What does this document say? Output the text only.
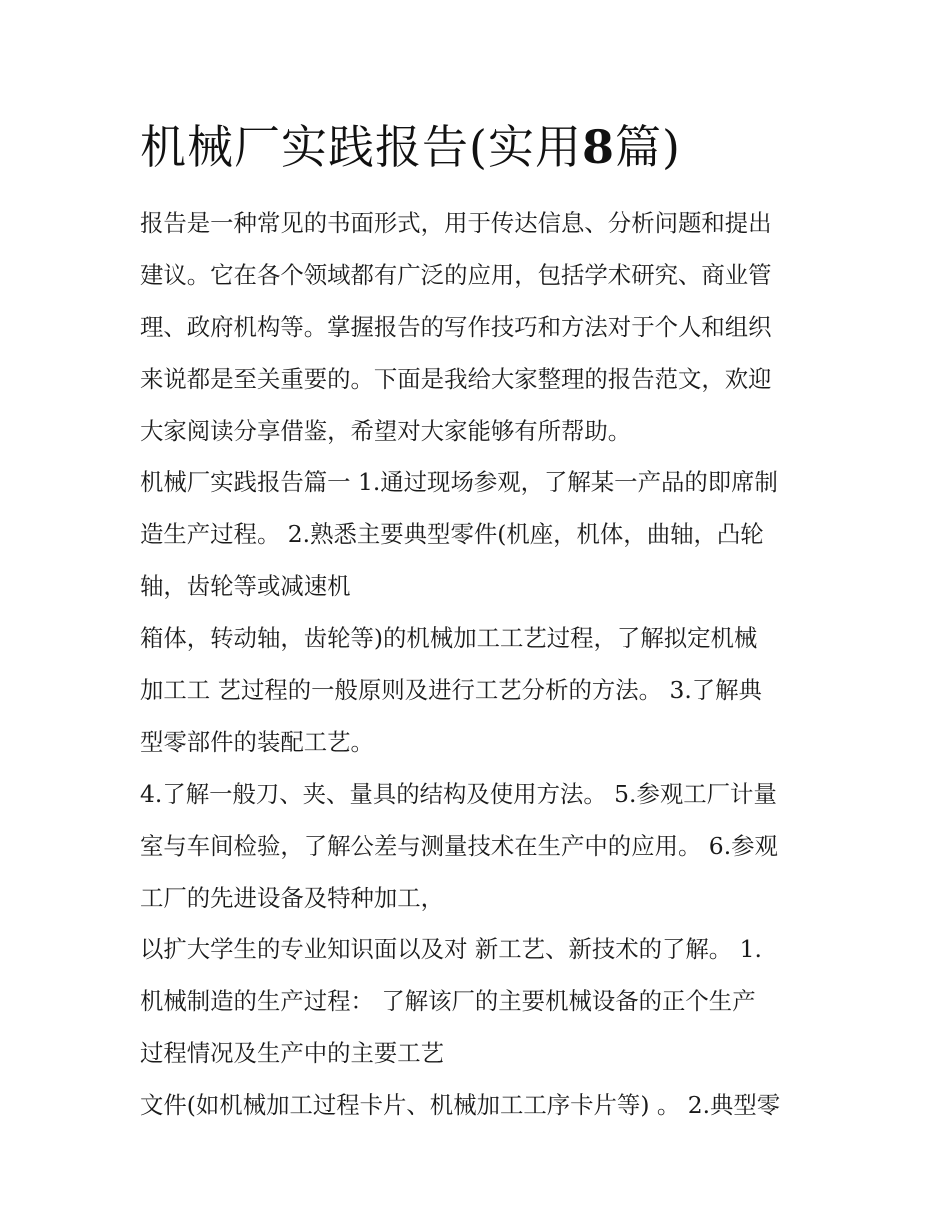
机械厂实践报告(实用8篇)
报告是一种常见的书面形式，用于传达信息、分析问题和提出
建议。它在各个领域都有广泛的应用，包括学术研究、商业管
理、政府机构等。掌握报告的写作技巧和方法对于个人和组织
来说都是至关重要的。下面是我给大家整理的报告范文，欢迎
大家阅读分享借鉴，希望对大家能够有所帮助。
机械厂实践报告篇一 1.通过现场参观，了解某一产品的即席制
造生产过程。 2.熟悉主要典型零件(机座，机体，曲轴，凸轮
轴，齿轮等或减速机
箱体，转动轴，齿轮等)的机械加工工艺过程，了解拟定机械
加工工 艺过程的一般原则及进行工艺分析的方法。 3.了解典
型零部件的装配工艺。
4.了解一般刀、夹、量具的结构及使用方法。 5.参观工厂计量
室与车间检验，了解公差与测量技术在生产中的应用。 6.参观
工厂的先进设备及特种加工，
以扩大学生的专业知识面以及对 新工艺、新技术的了解。 1.
机械制造的生产过程： 了解该厂的主要机械设备的正个生产
过程情况及生产中的主要工艺
文件(如机械加工过程卡片、机械加工工序卡片等) 。 2.典型零
